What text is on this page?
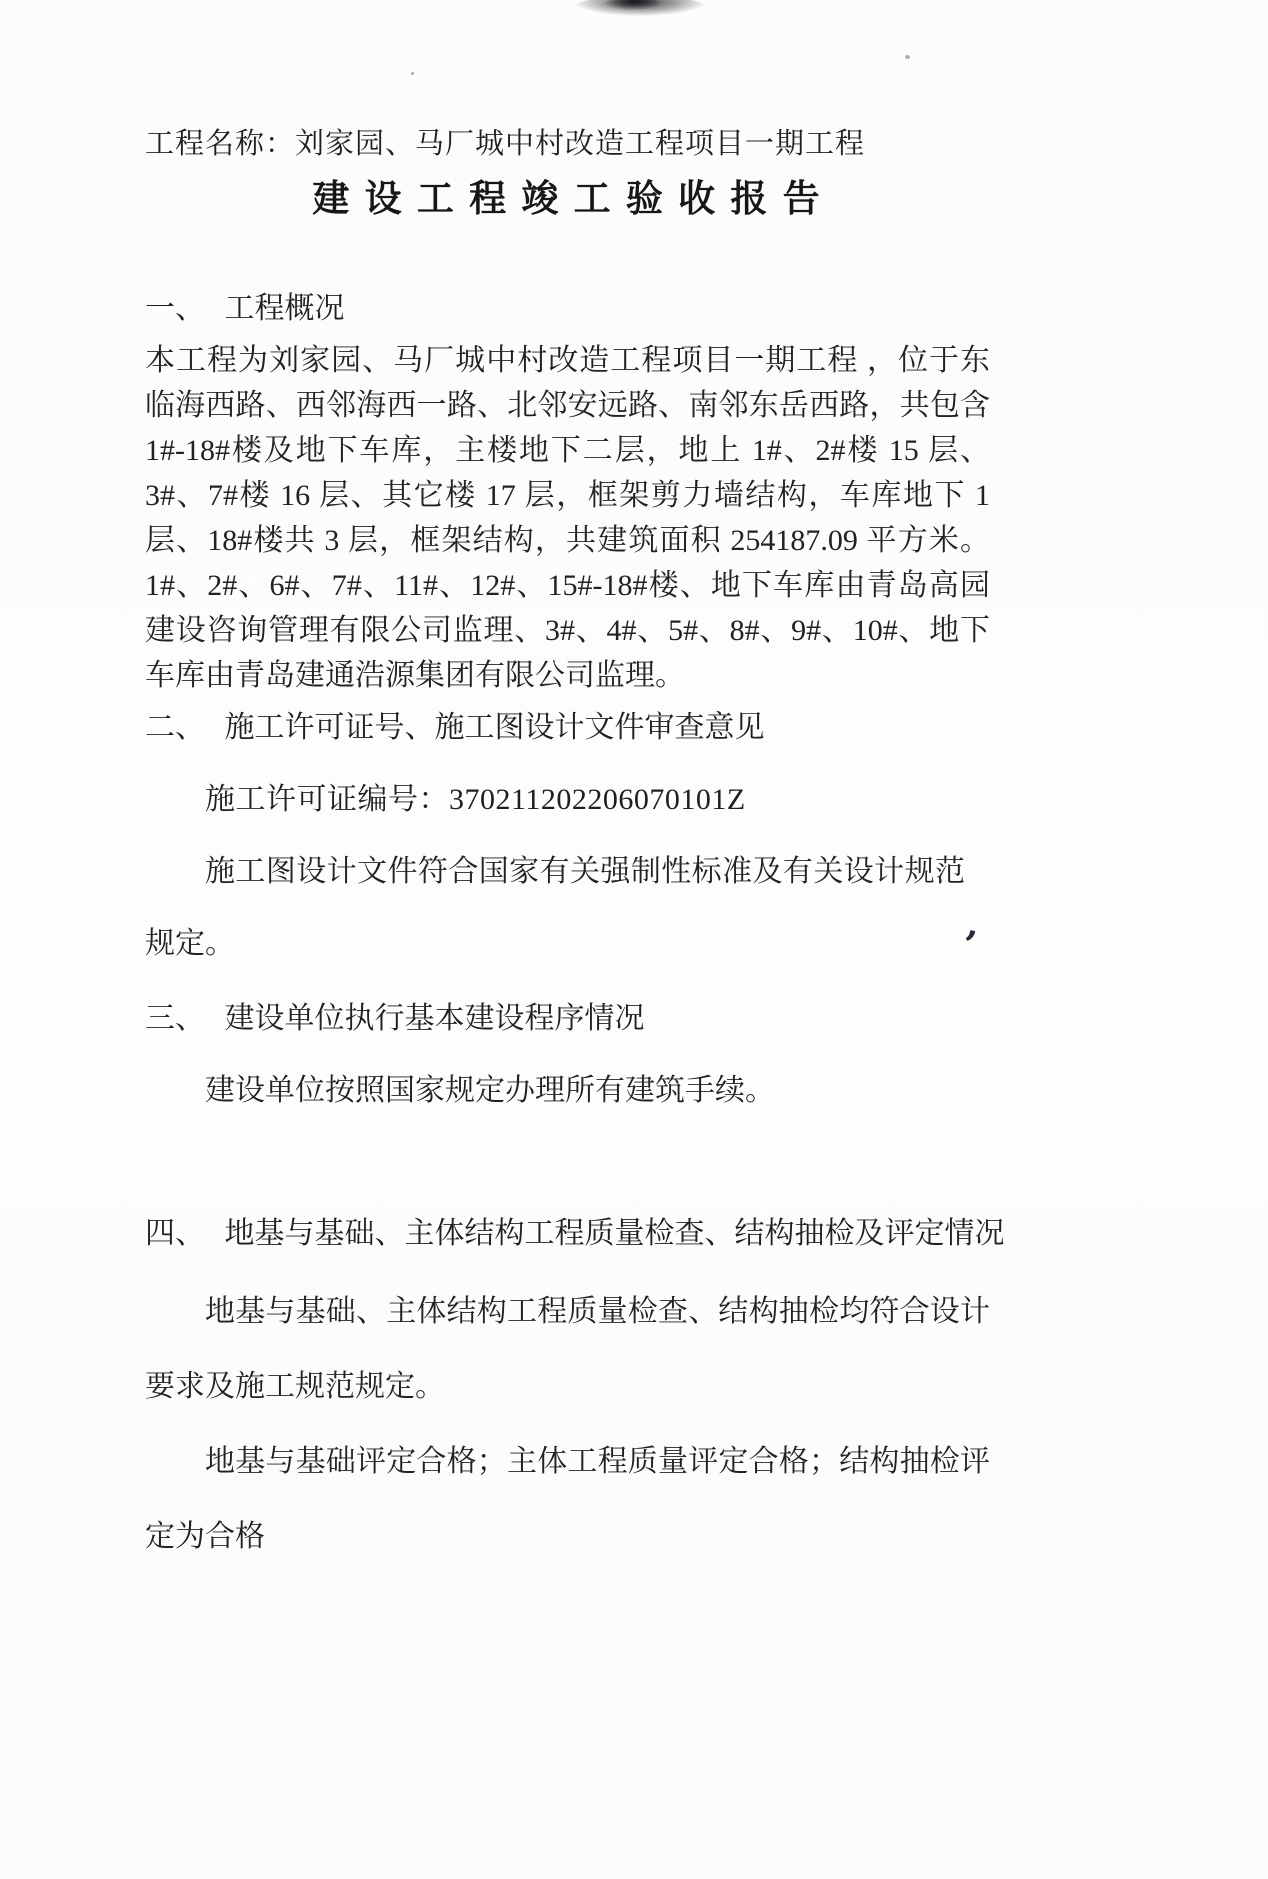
工程名称：刘家园、马厂城中村改造工程项目一期工程
建 设 工 程 竣 工 验 收 报 告
一、 工程概况

本工程为刘家园、马厂城中村改造工程项目一期工程 ，位于东临海西路、西邻海西一路、北邻安远路、南邻东岳西路，共包含 1#-18#楼及地下车库，主楼地下二层，地上 1#、2#楼 15 层、3#、7#楼 16 层、其它楼 17 层，框架剪力墙结构，车库地下 1 层、18#楼共 3 层，框架结构，共建筑面积 254187.09 平方米。1#、2#、6#、7#、11#、12#、15#-18#楼、地下车库由青岛高园建设咨询管理有限公司监理、3#、4#、5#、8#、9#、10#、地下车库由青岛建通浩源集团有限公司监理。

二、 施工许可证号、施工图设计文件审查意见
施工许可证编号：370211202206070101Z

施工图设计文件符合国家有关强制性标准及有关设计规范规定。

三、 建设单位执行基本建设程序情况

建设单位按照国家规定办理所有建筑手续。

’
四、 地基与基础、主体结构工程质量检查、结构抽检及评定情况

地基与基础、主体结构工程质量检查、结构抽检均符合设计要求及施工规范规定。

地基与基础评定合格；主体工程质量评定合格；结构抽检评定为合格
